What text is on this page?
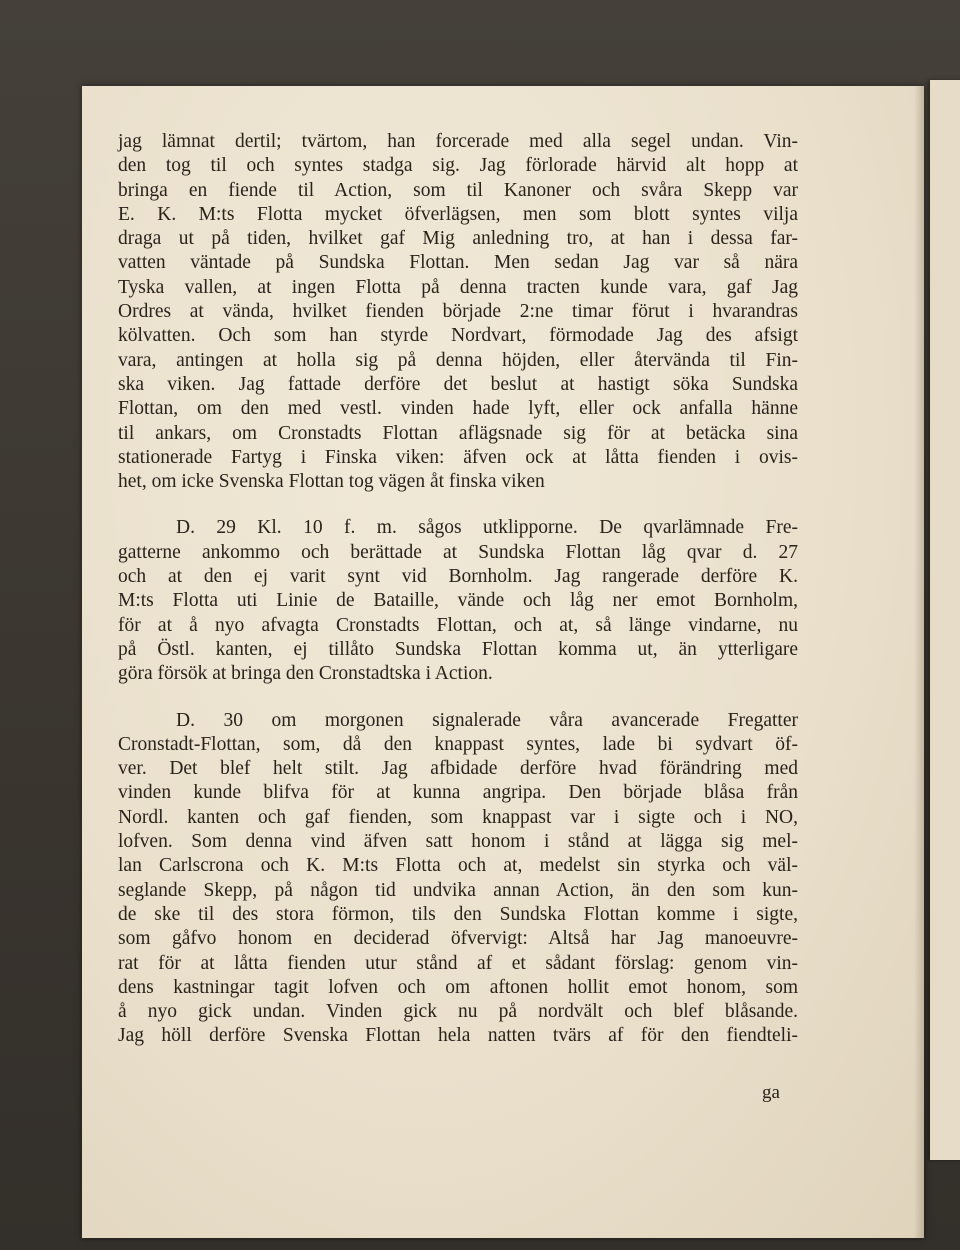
jag lämnat dertil; tvärtom, han forcerade med alla segel undan. Vin-
den tog til och syntes stadga sig. Jag förlorade härvid alt hopp at
bringa en fiende til Action, som til Kanoner och svåra Skepp var
E. K. M:ts Flotta mycket öfverlägsen, men som blott syntes vilja
draga ut på tiden, hvilket gaf Mig anledning tro, at han i dessa far-
vatten väntade på Sundska Flottan. Men sedan Jag var så nära
Tyska vallen, at ingen Flotta på denna tracten kunde vara, gaf Jag
Ordres at vända, hvilket fienden började 2:ne timar förut i hvarandras
kölvatten. Och som han styrde Nordvart, förmodade Jag des afsigt
vara, antingen at holla sig på denna höjden, eller återvända til Fin-
ska viken. Jag fattade derföre det beslut at hastigt söka Sundska
Flottan, om den med vestl. vinden hade lyft, eller ock anfalla hänne
til ankars, om Cronstadts Flottan aflägsnade sig för at betäcka sina
stationerade Fartyg i Finska viken: äfven ock at låtta fienden i ovis-
het, om icke Svenska Flottan tog vägen åt finska viken
D. 29 Kl. 10 f. m. sågos utklipporne. De qvarlämnade Fre-
gatterne ankommo och berättade at Sundska Flottan låg qvar d. 27
och at den ej varit synt vid Bornholm. Jag rangerade derföre K.
M:ts Flotta uti Linie de Bataille, vände och låg ner emot Bornholm,
för at å nyo afvagta Cronstadts Flottan, och at, så länge vindarne, nu
på Östl. kanten, ej tillåto Sundska Flottan komma ut, än ytterligare
göra försök at bringa den Cronstadtska i Action.
D. 30 om morgonen signalerade våra avancerade Fregatter
Cronstadt-Flottan, som, då den knappast syntes, lade bi sydvart öf-
ver. Det blef helt stilt. Jag afbidade derföre hvad förändring med
vinden kunde blifva för at kunna angripa. Den började blåsa från
Nordl. kanten och gaf fienden, som knappast var i sigte och i NO,
lofven. Som denna vind äfven satt honom i stånd at lägga sig mel-
lan Carlscrona och K. M:ts Flotta och at, medelst sin styrka och väl-
seglande Skepp, på någon tid undvika annan Action, än den som kun-
de ske til des stora förmon, tils den Sundska Flottan komme i sigte,
som gåfvo honom en deciderad öfvervigt: Altså har Jag manoeuvre-
rat för at låtta fienden utur stånd af et sådant förslag: genom vin-
dens kastningar tagit lofven och om aftonen hollit emot honom, som
å nyo gick undan. Vinden gick nu på nordvält och blef blåsande.
Jag höll derföre Svenska Flottan hela natten tvärs af för den fiendteli-
ga
